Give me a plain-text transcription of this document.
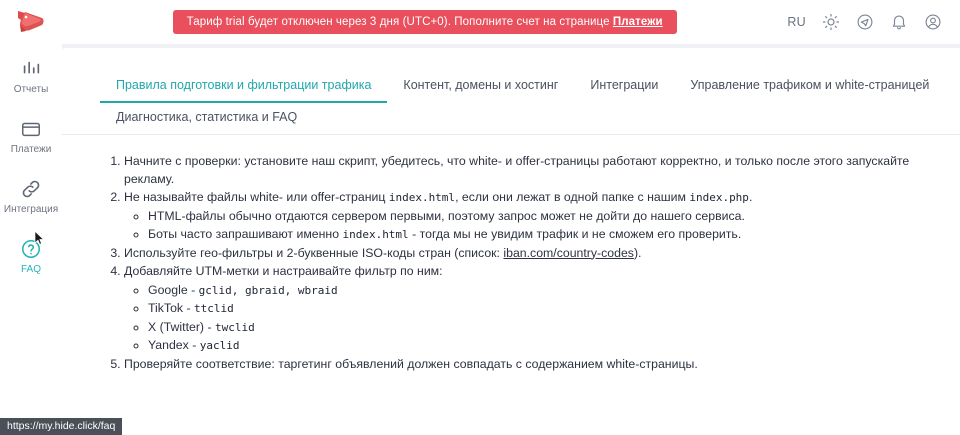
Тариф trial будет отключен через 3 дня (UTC+0). Пополните счет на странице Платежи	RU
Отчеты
Платежи
Интеграция
FAQ
Правила подготовки и фильтрации трафика	Контент, домены и хостинг	Интеграции	Управление трафиком и white-страницей
Диагностика, статистика и FAQ
1. Начните с проверки: установите наш скрипт, убедитесь, что white- и offer-страницы работают корректно, и только после этого запускайте рекламу.
2. Не называйте файлы white- или offer-страниц index.html, если они лежат в одной папке с нашим index.php.
◦ HTML-файлы обычно отдаются сервером первыми, поэтому запрос может не дойти до нашего сервиса.
◦ Боты часто запрашивают именно index.html - тогда мы не увидим трафик и не сможем его проверить.
3. Используйте гео-фильтры и 2-буквенные ISO-коды стран (список: iban.com/country-codes).
4. Добавляйте UTM-метки и настраивайте фильтр по ним:
◦ Google - gclid, gbraid, wbraid
◦ TikTok - ttclid
◦ X (Twitter) - twclid
◦ Yandex - yaclid
5. Проверяйте соответствие: таргетинг объявлений должен совпадать с содержанием white-страницы.
https://my.hide.click/faq
